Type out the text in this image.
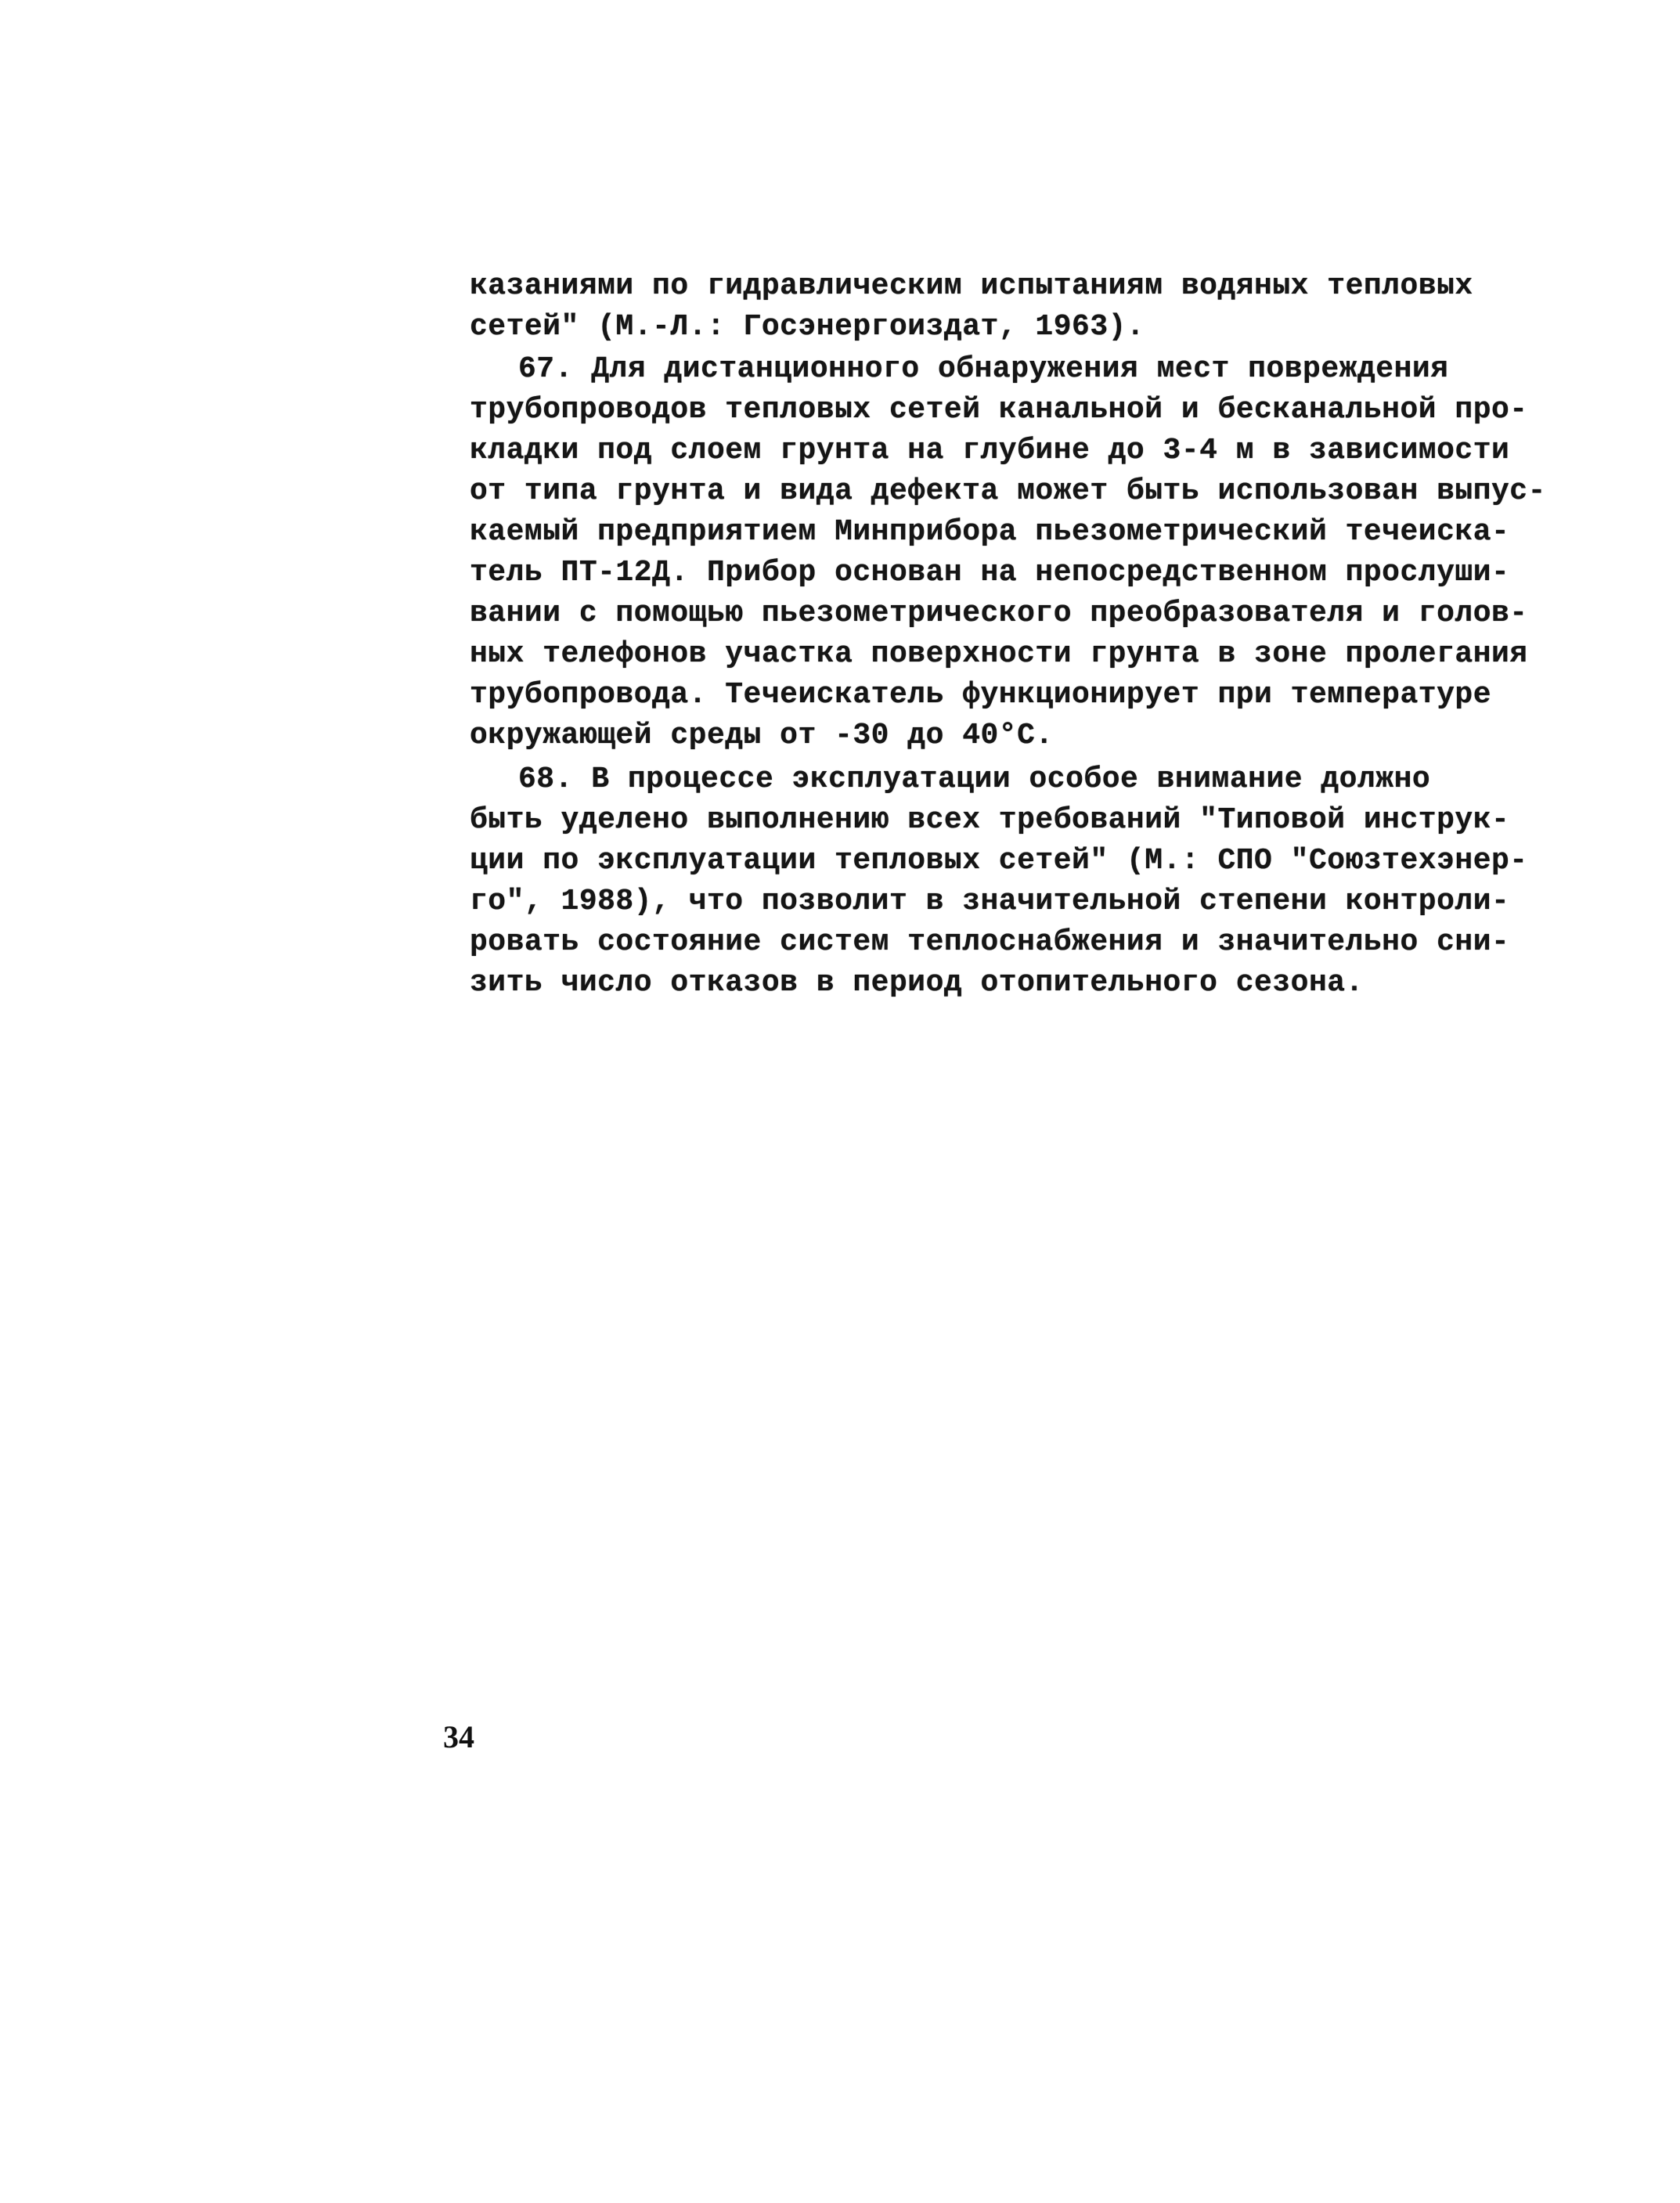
казаниями по гидравлическим испытаниям водяных тепловых
сетей" (М.-Л.: Госэнергоиздат, 1963).
67. Для дистанционного обнаружения мест повреждения
трубопроводов тепловых сетей канальной и бесканальной про-
кладки под слоем грунта на глубине до 3-4 м в зависимости
от типа грунта и вида дефекта может быть использован выпус-
каемый предприятием Минприбора пьезометрический течеиска-
тель ПТ-12Д. Прибор основан на непосредственном прослуши-
вании с помощью пьезометрического преобразователя и голов-
ных телефонов участка поверхности грунта в зоне пролегания
трубопровода. Течеискатель функционирует при температуре
окружающей среды от -30 до 40°С.
68. В процессе эксплуатации особое внимание должно
быть уделено выполнению всех требований "Типовой инструк-
ции по эксплуатации тепловых сетей" (М.: СПО "Союзтехэнер-
го", 1988), что позволит в значительной степени контроли-
ровать состояние систем теплоснабжения и значительно сни-
зить число отказов в период отопительного сезона.
34
